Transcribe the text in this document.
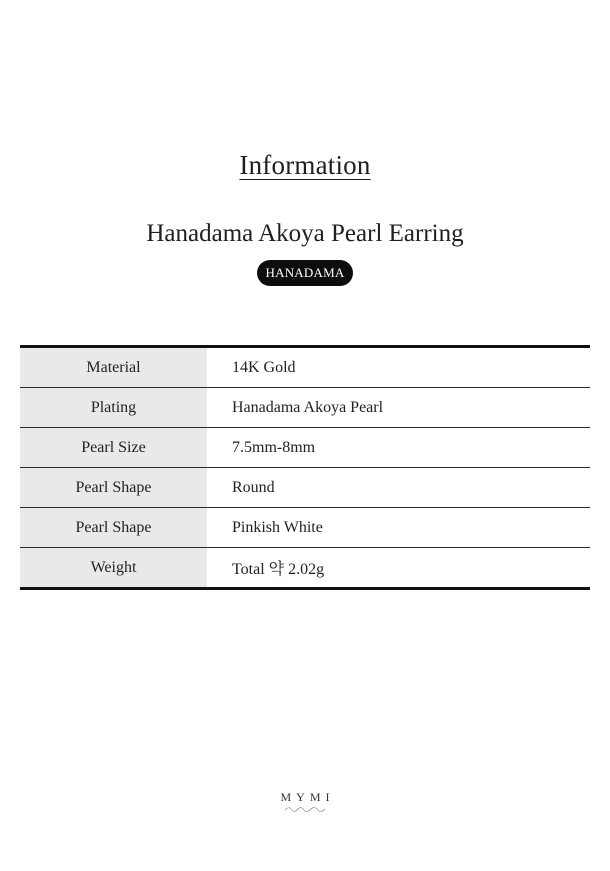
Information
Hanadama Akoya Pearl Earring
HANADAMA
Material	14K Gold
Plating	Hanadama Akoya Pearl
Pearl Size	7.5mm-8mm
Pearl Shape	Round
Pearl Shape	Pinkish White
Weight	Total 약 2.02g
MYMI
